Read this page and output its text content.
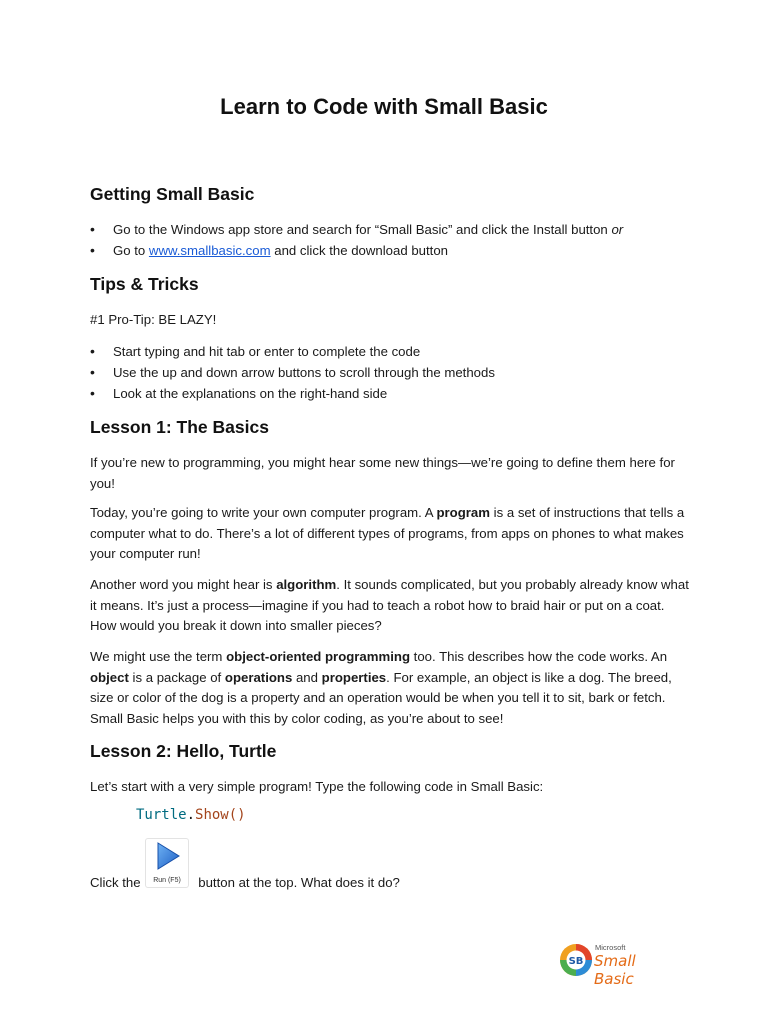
Learn to Code with Small Basic
Getting Small Basic
• Go to the Windows app store and search for “Small Basic” and click the Install button or
• Go to www.smallbasic.com and click the download button
Tips & Tricks

#1 Pro-Tip: BE LAZY!

• Start typing and hit tab or enter to complete the code
• Use the up and down arrow buttons to scroll through the methods
• Look at the explanations on the right-hand side
Lesson 1: The Basics

If you’re new to programming, you might hear some new things—we’re going to define them here for you!

Today, you’re going to write your own computer program. A program is a set of instructions that tells a computer what to do. There’s a lot of different types of programs, from apps on phones to what makes your computer run!

Another word you might hear is algorithm. It sounds complicated, but you probably already know what it means. It’s just a process—imagine if you had to teach a robot how to braid hair or put on a coat. How would you break it down into smaller pieces?

We might use the term object-oriented programming too. This describes how the code works. An object is a package of operations and properties. For example, an object is like a dog. The breed, size or color of the dog is a property and an operation would be when you tell it to sit, bark or fetch. Small Basic helps you with this by color coding, as you’re about to see!

Lesson 2: Hello, Turtle

Let’s start with a very simple program! Type the following code in Small Basic:

Turtle.Show()
Run (F5)

Click the	button at the top. What does it do?

SB
Microsoft
Small Basic
